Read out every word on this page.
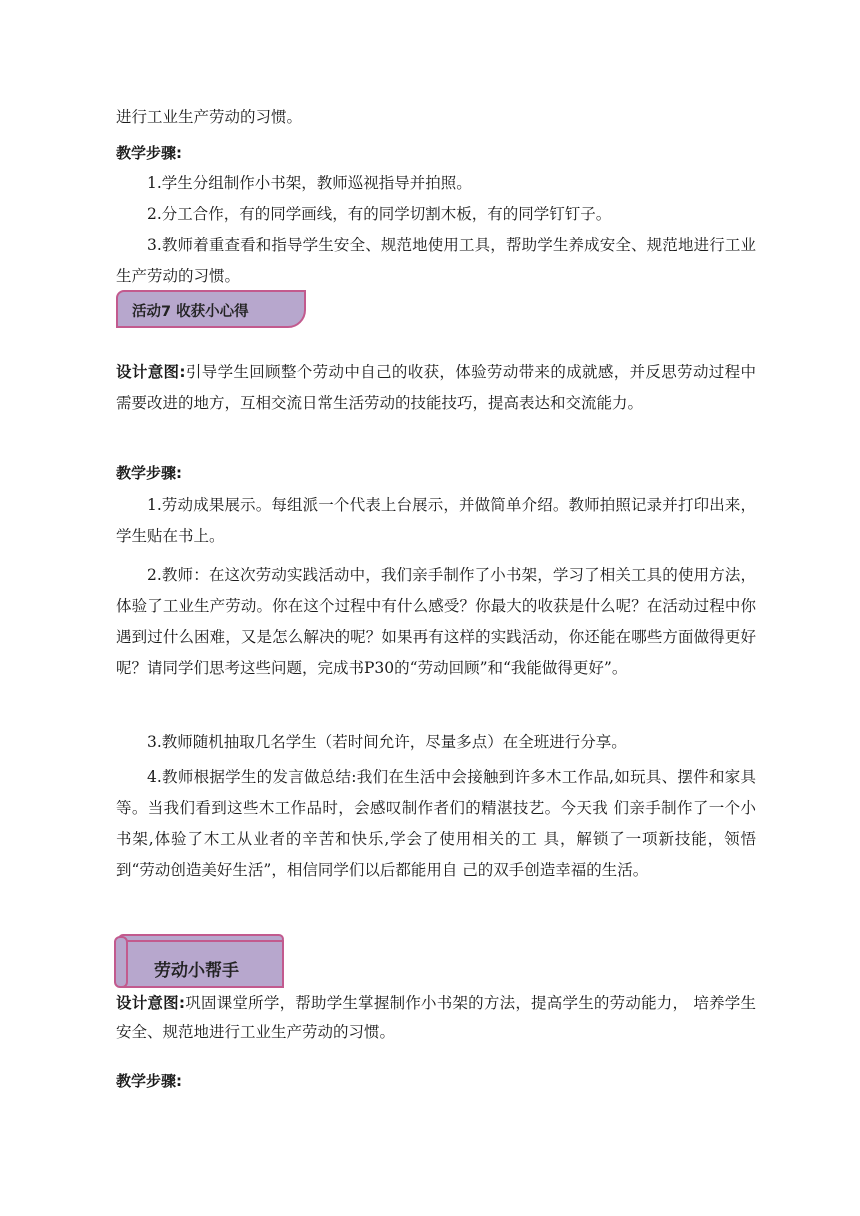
进行工业生产劳动的习惯。
教学步骤:
1.学生分组制作小书架，教师巡视指导并拍照。
2.分工合作，有的同学画线，有的同学切割木板，有的同学钉钉子。
3.教师着重查看和指导学生安全、规范地使用工具，帮助学生养成安全、规范地进行工业生产劳动的习惯。
活动7 收获小心得
设计意图:引导学生回顾整个劳动中自己的收获，体验劳动带来的成就感，并反思劳动过程中需要改进的地方，互相交流日常生活劳动的技能技巧，提高表达和交流能力。
教学步骤:
1.劳动成果展示。每组派一个代表上台展示，并做简单介绍。教师拍照记录并打印出来，学生贴在书上。
2.教师：在这次劳动实践活动中，我们亲手制作了小书架，学习了相关工具的使用方法，体验了工业生产劳动。你在这个过程中有什么感受？你最大的收获是什么呢？在活动过程中你遇到过什么困难，又是怎么解决的呢？如果再有这样的实践活动，你还能在哪些方面做得更好呢？请同学们思考这些问题，完成书P30的“劳动回顾”和“我能做得更好”。
3.教师随机抽取几名学生（若时间允许，尽量多点）在全班进行分享。
4.教师根据学生的发言做总结:我们在生活中会接触到许多木工作品,如玩具、摆件和家具等。当我们看到这些木工作品时，会感叹制作者们的精湛技艺。今天我 们亲手制作了一个小书架,体验了木工从业者的辛苦和快乐,学会了使用相关的工 具，解锁了一项新技能，领悟到“劳动创造美好生活”，相信同学们以后都能用自 己的双手创造幸福的生活。
劳动小帮手
设计意图:巩固课堂所学，帮助学生掌握制作小书架的方法，提高学生的劳动能力， 培养学生安全、规范地进行工业生产劳动的习惯。
教学步骤:
